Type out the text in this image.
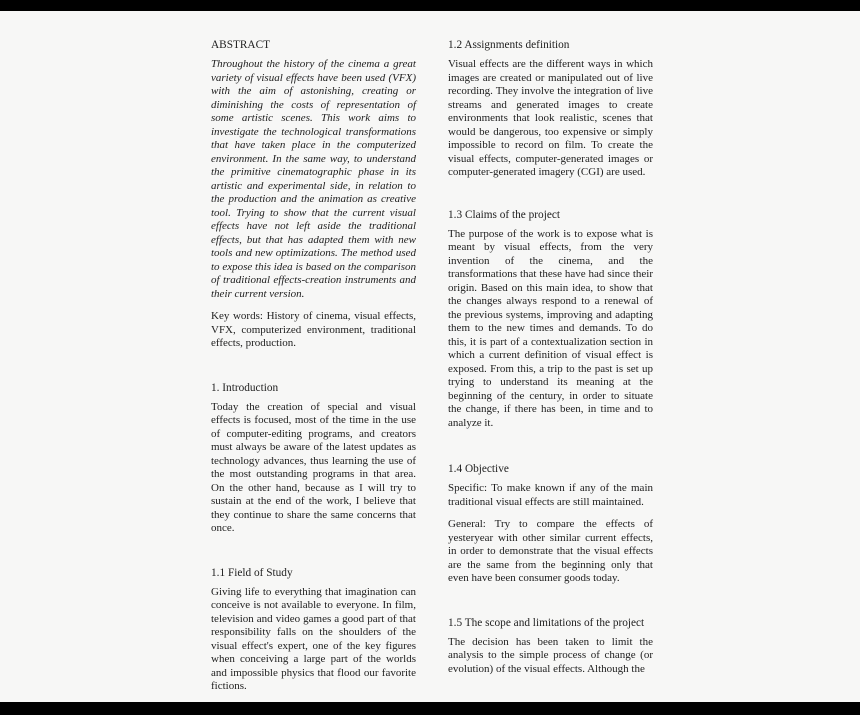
ABSTRACT

Throughout the history of the cinema a great variety of visual effects have been used (VFX) with the aim of astonishing, creating or diminishing the costs of representation of some artistic scenes. This work aims to investigate the technological transformations that have taken place in the computerized environment. In the same way, to understand the primitive cinematographic phase in its artistic and experimental side, in relation to the production and the animation as creative tool. Trying to show that the current visual effects have not left aside the traditional effects, but that has adapted them with new tools and new optimizations. The method used to expose this idea is based on the comparison of traditional effects-creation instruments and their current version.

Key words: History of cinema, visual effects, VFX, computerized environment, traditional effects, production.

1. Introduction

Today the creation of special and visual effects is focused, most of the time in the use of computer-editing programs, and creators must always be aware of the latest updates as technology advances, thus learning the use of the most outstanding programs in that area. On the other hand, because as I will try to sustain at the end of the work, I believe that they continue to share the same concerns that once.

1.1 Field of Study

Giving life to everything that imagination can conceive is not available to everyone. In film, television and video games a good part of that responsibility falls on the shoulders of the visual effect's expert, one of the key figures when conceiving a large part of the worlds and impossible physics that flood our favorite fictions.

1.2 Assignments definition

Visual effects are the different ways in which images are created or manipulated out of live recording. They involve the integration of live streams and generated images to create environments that look realistic, scenes that would be dangerous, too expensive or simply impossible to record on film. To create the visual effects, computer-generated images or computer-generated imagery (CGI) are used.

1.3 Claims of the project

The purpose of the work is to expose what is meant by visual effects, from the very invention of the cinema, and the transformations that these have had since their origin. Based on this main idea, to show that the changes always respond to a renewal of the previous systems, improving and adapting them to the new times and demands. To do this, it is part of a contextualization section in which a current definition of visual effect is exposed. From this, a trip to the past is set up trying to understand its meaning at the beginning of the century, in order to situate the change, if there has been, in time and to analyze it.

1.4 Objective

Specific: To make known if any of the main traditional visual effects are still maintained.

General: Try to compare the effects of yesteryear with other similar current effects, in order to demonstrate that the visual effects are the same from the beginning only that even have been consumer goods today.

1.5 The scope and limitations of the project

The decision has been taken to limit the analysis to the simple process of change (or evolution) of the visual effects. Although the
